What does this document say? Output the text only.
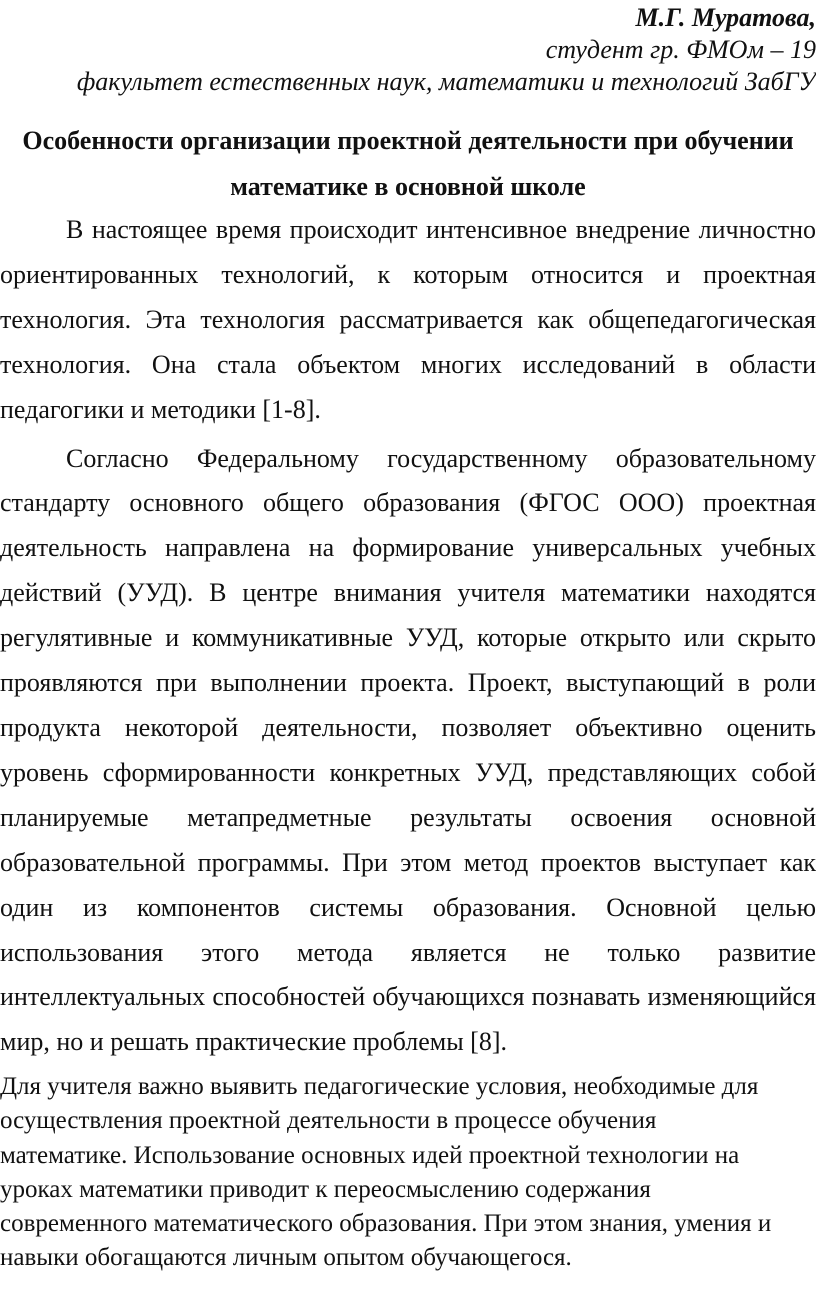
М.Г. Муратова,
студент гр. ФМОм – 19
факультет естественных наук, математики и технологий ЗабГУ
Особенности организации проектной деятельности при обучении
математике в основной школе

В настоящее время происходит интенсивное внедрение личностно ориентированных технологий, к которым относится и проектная технология. Эта технология рассматривается как общепедагогическая технология. Она стала объектом многих исследований в области педагогики и методики [1-8].

Согласно Федеральному государственному образовательному стандарту основного общего образования (ФГОС ООО) проектная деятельность направлена на формирование универсальных учебных действий (УУД). В центре внимания учителя математики находятся регулятивные и коммуникативные УУД, которые открыто или скрыто проявляются при выполнении проекта. Проект, выступающий в роли продукта некоторой деятельности, позволяет объективно оценить уровень сформированности конкретных УУД, представляющих собой планируемые метапредметные результаты освоения основной образовательной программы. При этом метод проектов выступает как один из компонентов системы образования. Основной целью использования этого метода является не только развитие интеллектуальных способностей обучающихся познавать изменяющийся мир, но и решать практические проблемы [8].

Для учителя важно выявить педагогические условия, необходимые для

осуществления проектной деятельности в процессе обучения

математике. Использование основных идей проектной технологии на

уроках математики приводит к переосмыслению содержания

современного математического образования. При этом знания, умения и

навыки обогащаются личным опытом обучающегося.
